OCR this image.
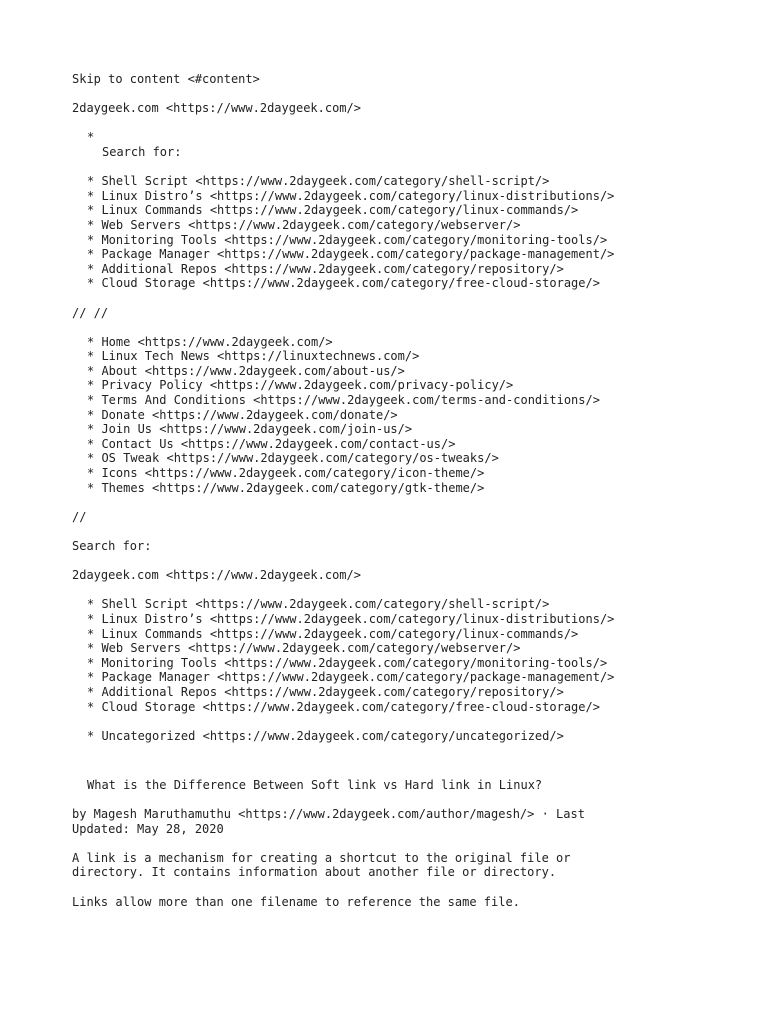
Skip to content <#content>
2daygeek.com <https://www.2daygeek.com/>
*
Search for:
* Shell Script <https://www.2daygeek.com/category/shell-script/>
* Linux Distro’s <https://www.2daygeek.com/category/linux-distributions/>
* Linux Commands <https://www.2daygeek.com/category/linux-commands/>
* Web Servers <https://www.2daygeek.com/category/webserver/>
* Monitoring Tools <https://www.2daygeek.com/category/monitoring-tools/>
* Package Manager <https://www.2daygeek.com/category/package-management/>
* Additional Repos <https://www.2daygeek.com/category/repository/>
* Cloud Storage <https://www.2daygeek.com/category/free-cloud-storage/>
// //
* Home <https://www.2daygeek.com/>
* Linux Tech News <https://linuxtechnews.com/>
* About <https://www.2daygeek.com/about-us/>
* Privacy Policy <https://www.2daygeek.com/privacy-policy/>
* Terms And Conditions <https://www.2daygeek.com/terms-and-conditions/>
* Donate <https://www.2daygeek.com/donate/>
* Join Us <https://www.2daygeek.com/join-us/>
* Contact Us <https://www.2daygeek.com/contact-us/>
* OS Tweak <https://www.2daygeek.com/category/os-tweaks/>
* Icons <https://www.2daygeek.com/category/icon-theme/>
* Themes <https://www.2daygeek.com/category/gtk-theme/>
//
Search for:
2daygeek.com <https://www.2daygeek.com/>
* Shell Script <https://www.2daygeek.com/category/shell-script/>
* Linux Distro’s <https://www.2daygeek.com/category/linux-distributions/>
* Linux Commands <https://www.2daygeek.com/category/linux-commands/>
* Web Servers <https://www.2daygeek.com/category/webserver/>
* Monitoring Tools <https://www.2daygeek.com/category/monitoring-tools/>
* Package Manager <https://www.2daygeek.com/category/package-management/>
* Additional Repos <https://www.2daygeek.com/category/repository/>
* Cloud Storage <https://www.2daygeek.com/category/free-cloud-storage/>
* Uncategorized <https://www.2daygeek.com/category/uncategorized/>
What is the Difference Between Soft link vs Hard link in Linux?
by Magesh Maruthamuthu <https://www.2daygeek.com/author/magesh/> · Last
Updated: May 28, 2020
A link is a mechanism for creating a shortcut to the original file or
directory. It contains information about another file or directory.
Links allow more than one filename to reference the same file.
